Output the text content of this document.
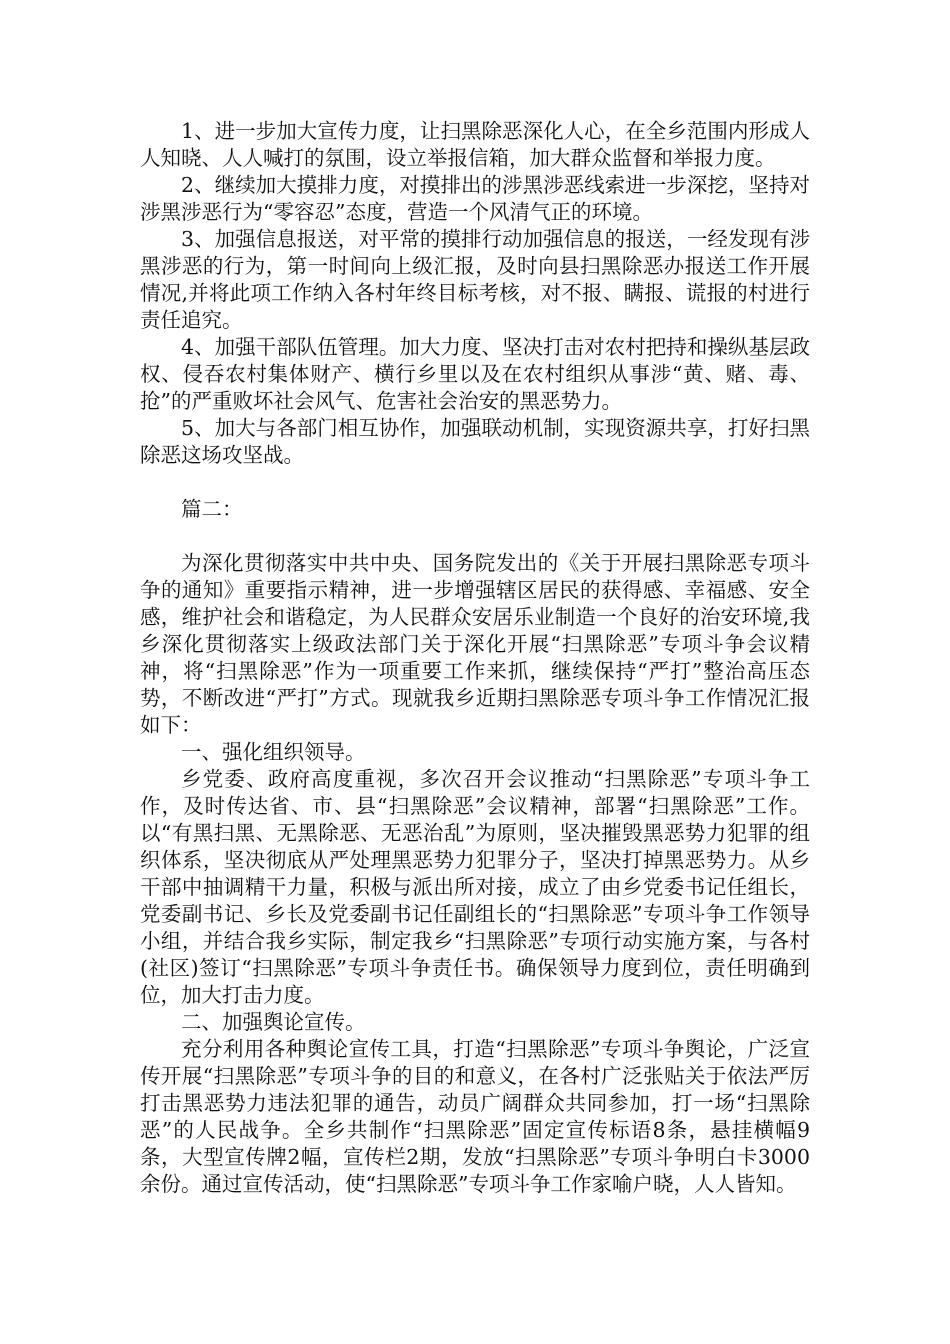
1、进一步加大宣传力度，让扫黑除恶深化人心，在全乡范围内形成人人知晓、人人喊打的氛围，设立举报信箱，加大群众监督和举报力度。

2、继续加大摸排力度，对摸排出的涉黑涉恶线索进一步深挖，坚持对涉黑涉恶行为“零容忍”态度，营造一个风清气正的环境。

3、加强信息报送，对平常的摸排行动加强信息的报送，一经发现有涉黑涉恶的行为，第一时间向上级汇报，及时向县扫黑除恶办报送工作开展情况,并将此项工作纳入各村年终目标考核，对不报、瞒报、谎报的村进行责任追究。

4、加强干部队伍管理。加大力度、坚决打击对农村把持和操纵基层政权、侵吞农村集体财产、横行乡里以及在农村组织从事涉“黄、赌、毒、抢”的严重败坏社会风气、危害社会治安的黑恶势力。

5、加大与各部门相互协作，加强联动机制，实现资源共享，打好扫黑除恶这场攻坚战。

篇二：

为深化贯彻落实中共中央、国务院发出的《关于开展扫黑除恶专项斗争的通知》重要指示精神，进一步增强辖区居民的获得感、幸福感、安全感，维护社会和谐稳定，为人民群众安居乐业制造一个良好的治安环境,我乡深化贯彻落实上级政法部门关于深化开展“扫黑除恶”专项斗争会议精神，将“扫黑除恶”作为一项重要工作来抓，继续保持“严打”整治高压态势，不断改进“严打”方式。现就我乡近期扫黑除恶专项斗争工作情况汇报如下：

一、强化组织领导。

乡党委、政府高度重视，多次召开会议推动“扫黑除恶”专项斗争工作，及时传达省、市、县“扫黑除恶”会议精神，部署“扫黑除恶”工作。以“有黑扫黑、无黑除恶、无恶治乱”为原则，坚决摧毁黑恶势力犯罪的组织体系，坚决彻底从严处理黑恶势力犯罪分子，坚决打掉黑恶势力。从乡干部中抽调精干力量，积极与派出所对接，成立了由乡党委书记任组长，党委副书记、乡长及党委副书记任副组长的“扫黑除恶”专项斗争工作领导小组，并结合我乡实际，制定我乡“扫黑除恶”专项行动实施方案，与各村(社区)签订“扫黑除恶”专项斗争责任书。确保领导力度到位，责任明确到位，加大打击力度。

二、加强舆论宣传。

充分利用各种舆论宣传工具，打造“扫黑除恶”专项斗争舆论，广泛宣传开展“扫黑除恶”专项斗争的目的和意义，在各村广泛张贴关于依法严厉打击黑恶势力违法犯罪的通告，动员广阔群众共同参加，打一场“扫黑除恶”的人民战争。全乡共制作“扫黑除恶”固定宣传标语8条，悬挂横幅9条，大型宣传牌2幅，宣传栏2期，发放“扫黑除恶”专项斗争明白卡3000余份。通过宣传活动，使“扫黑除恶”专项斗争工作家喻户晓，人人皆知。
